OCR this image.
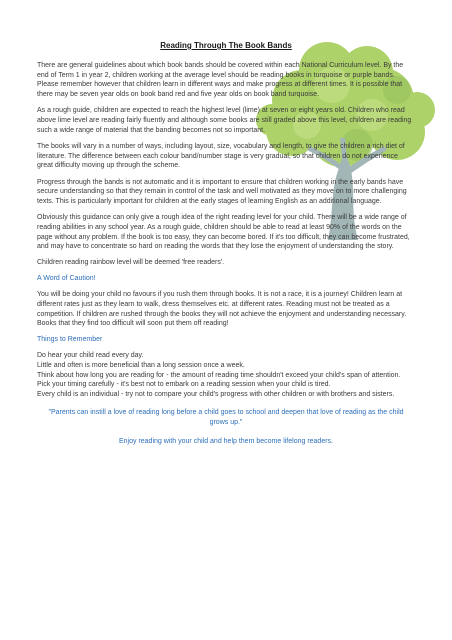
Reading Through The Book Bands

There are general guidelines about which book bands should be covered within each National Curriculum level. By the end of Term 1 in year 2, children working at the average level should be reading books in turquoise or purple bands. Please remember however that children learn in different ways and make progress at different times. It is possible that there may be seven year olds on book band red and five year olds on book band turquoise.

As a rough guide, children are expected to reach the highest level (lime) at seven or eight years old. Children who read above lime level are reading fairly fluently and although some books are still graded above this level, children are reading such a wide range of material that the banding becomes not so important.

The books will vary in a number of ways, including layout, size, vocabulary and length, to give the children a rich diet of literature. The difference between each colour band/number stage is very gradual, so that children do not experience great difficulty moving up through the scheme.

Progress through the bands is not automatic and it is important to ensure that children working in the early bands have secure understanding so that they remain in control of the task and well motivated as they move on to more challenging texts. This is particularly important for children at the early stages of learning English as an additional language.

Obviously this guidance can only give a rough idea of the right reading level for your child. There will be a wide range of reading abilities in any school year. As a rough guide, children should be able to read at least 90% of the words on the page without any problem. If the book is too easy, they can become bored. If it's too difficult, they can become frustrated, and may have to concentrate so hard on reading the words that they lose the enjoyment of understanding the story.

Children reading rainbow level will be deemed 'free readers'.

A Word of Caution!

You will be doing your child no favours if you rush them through books. It is not a race, it is a journey! Children learn at different rates just as they learn to walk, dress themselves etc. at different rates. Reading must not be treated as a competition. If children are rushed through the books they will not achieve the enjoyment and understanding necessary. Books that they find too difficult will soon put them off reading!

Things to Remember

Do hear your child read every day.

Little and often is more beneficial than a long session once a week.

Think about how long you are reading for - the amount of reading time shouldn't exceed your child's span of attention.

Pick your timing carefully - it's best not to embark on a reading session when your child is tired.

Every child is an individual - try not to compare your child's progress with other children or with brothers and sisters.

"Parents can instill a love of reading long before a child goes to school and deepen that love of reading as the child grows up."

Enjoy reading with your child and help them become lifelong readers.
